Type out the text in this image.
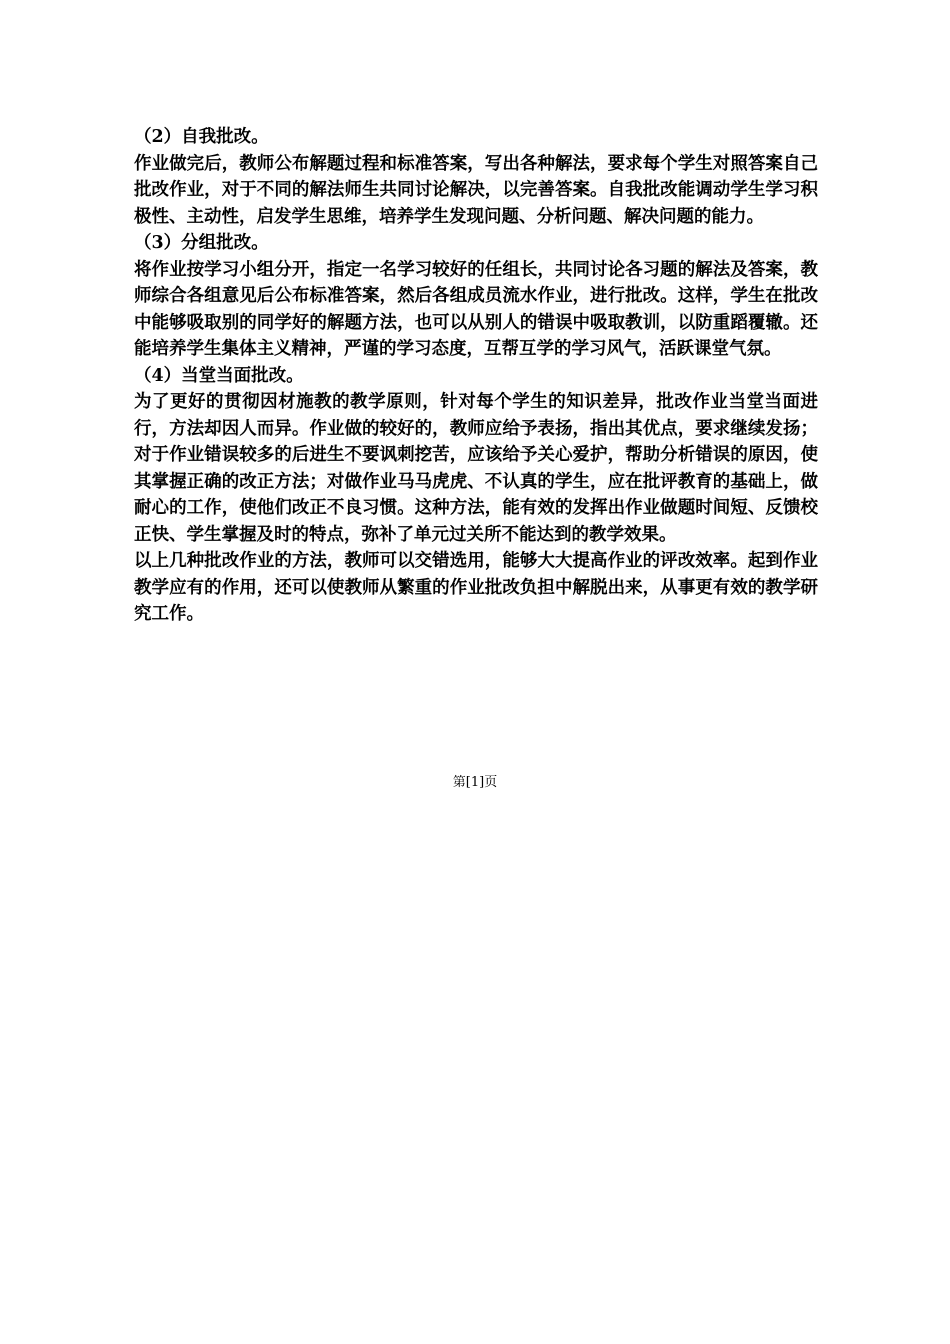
（2）自我批改。

作业做完后，教师公布解题过程和标准答案，写出各种解法，要求每个学生对照答案自己批改作业，对于不同的解法师生共同讨论解决，以完善答案。自我批改能调动学生学习积极性、主动性，启发学生思维，培养学生发现问题、分析问题、解决问题的能力。

（3）分组批改。

将作业按学习小组分开，指定一名学习较好的任组长，共同讨论各习题的解法及答案，教师综合各组意见后公布标准答案，然后各组成员流水作业，进行批改。这样，学生在批改中能够吸取别的同学好的解题方法，也可以从别人的错误中吸取教训，以防重蹈覆辙。还能培养学生集体主义精神，严谨的学习态度，互帮互学的学习风气，活跃课堂气氛。

（4）当堂当面批改。

为了更好的贯彻因材施教的教学原则，针对每个学生的知识差异，批改作业当堂当面进行，方法却因人而异。作业做的较好的，教师应给予表扬，指出其优点，要求继续发扬；对于作业错误较多的后进生不要讽刺挖苦，应该给予关心爱护，帮助分析错误的原因，使其掌握正确的改正方法；对做作业马马虎虎、不认真的学生，应在批评教育的基础上，做耐心的工作，使他们改正不良习惯。这种方法，能有效的发挥出作业做题时间短、反馈校正快、学生掌握及时的特点，弥补了单元过关所不能达到的教学效果。

以上几种批改作业的方法，教师可以交错选用，能够大大提高作业的评改效率。起到作业教学应有的作用，还可以使教师从繁重的作业批改负担中解脱出来，从事更有效的教学研究工作。

第[1]页
